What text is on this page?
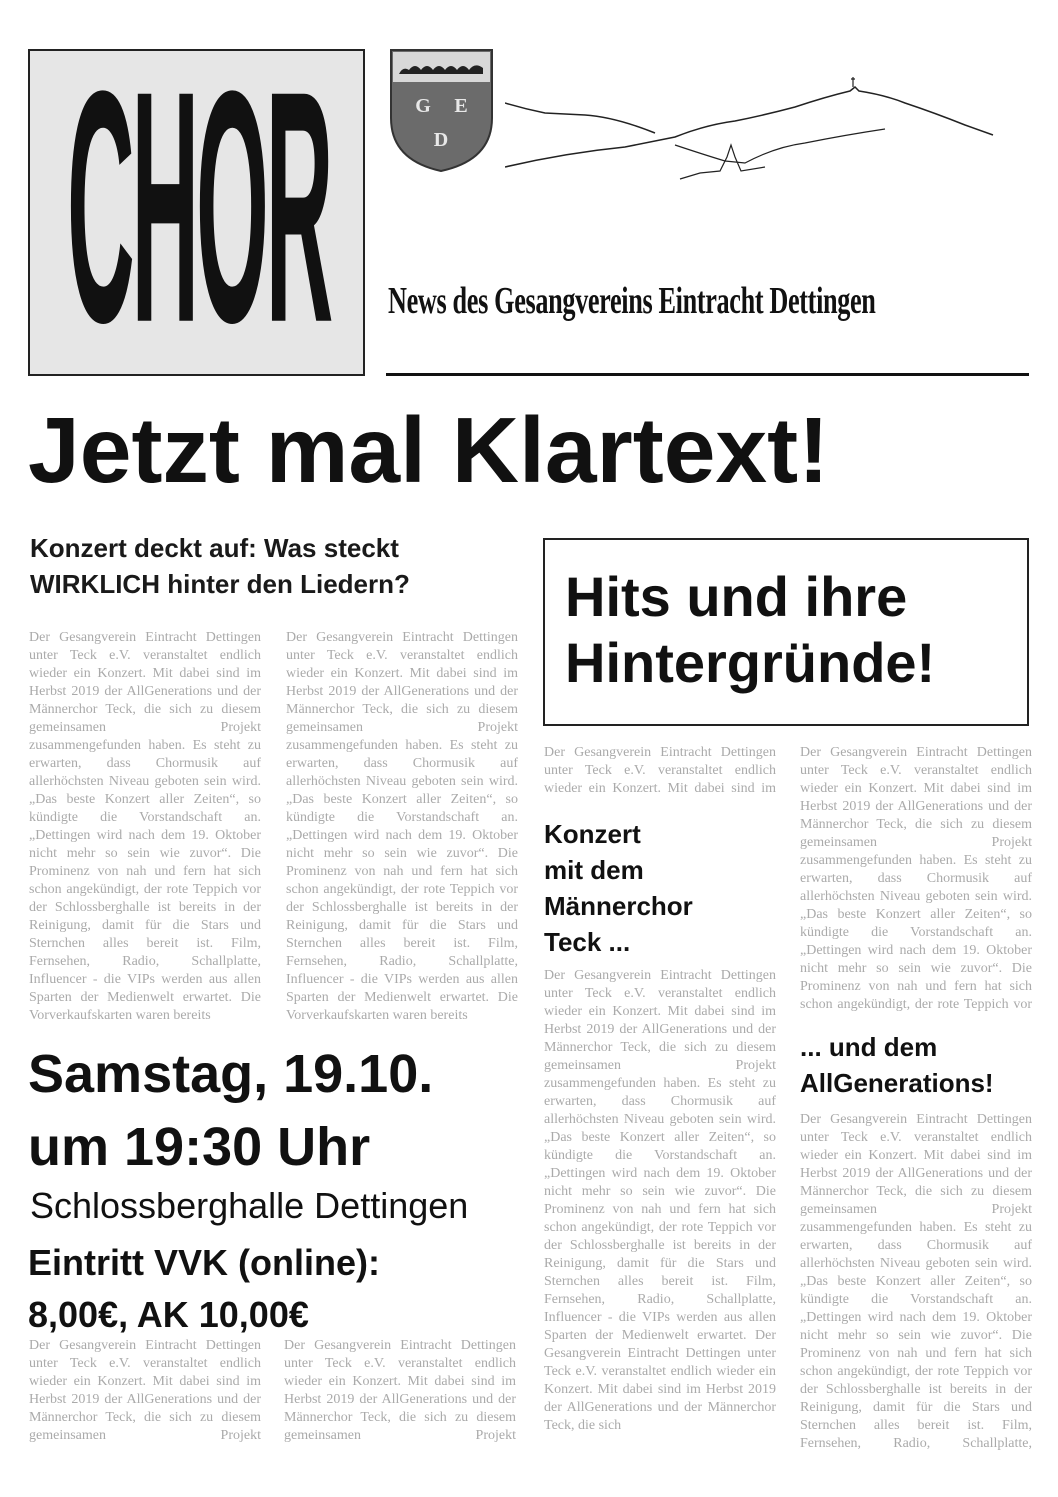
CHOR	G E
D
News des Gesangvereins Eintracht Dettingen
Jetzt mal Klartext!
Konzert deckt auf: Was steckt
WIRKLICH hinter den Liedern?
Der Gesangverein Eintracht Dettingen unter Teck e.V. veranstaltet endlich wieder ein Konzert. Mit dabei sind im Herbst 2019 der AllGenerations und der Männerchor Teck, die sich zu diesem gemeinsamen Projekt zusammengefunden haben. Es steht zu erwarten, dass Chormusik auf allerhöchsten Niveau geboten sein wird. „Das beste Konzert aller Zeiten“, so kündigte die Vorstandschaft an. „Dettingen wird nach dem 19. Oktober nicht mehr so sein wie zuvor“. Die Prominenz von nah und fern hat sich schon angekündigt, der rote Teppich vor der Schlossberghalle ist bereits in der Reinigung, damit für die Stars und Sternchen alles bereit ist. Film, Fernsehen, Radio, Schallplatte, Influencer - die VIPs werden aus allen Sparten der Medienwelt erwartet. Die Vorverkaufskarten waren bereits
Der Gesangverein Eintracht Dettingen unter Teck e.V. veranstaltet endlich wieder ein Konzert. Mit dabei sind im Herbst 2019 der AllGenerations und der Männerchor Teck, die sich zu diesem gemeinsamen Projekt zusammengefunden haben. Es steht zu erwarten, dass Chormusik auf allerhöchsten Niveau geboten sein wird. „Das beste Konzert aller Zeiten“, so kündigte die Vorstandschaft an. „Dettingen wird nach dem 19. Oktober nicht mehr so sein wie zuvor“. Die Prominenz von nah und fern hat sich schon angekündigt, der rote Teppich vor der Schlossberghalle ist bereits in der Reinigung, damit für die Stars und Sternchen alles bereit ist. Film, Fernsehen, Radio, Schallplatte, Influencer - die VIPs werden aus allen Sparten der Medienwelt erwartet. Die Vorverkaufskarten waren bereits
Hits und ihre
Hintergründe!
Der Gesangverein Eintracht Dettingen unter Teck e.V. veranstaltet endlich wieder ein Konzert. Mit dabei sind im
Konzert
mit dem
Männerchor
Teck ...
Der Gesangverein Eintracht Dettingen unter Teck e.V. veranstaltet endlich wieder ein Konzert. Mit dabei sind im Herbst 2019 der AllGenerations und der Männerchor Teck, die sich zu diesem gemeinsamen Projekt zusammengefunden haben. Es steht zu erwarten, dass Chormusik auf allerhöchsten Niveau geboten sein wird. „Das beste Konzert aller Zeiten“, so kündigte die Vorstandschaft an. „Dettingen wird nach dem 19. Oktober nicht mehr so sein wie zuvor“. Die Prominenz von nah und fern hat sich schon angekündigt, der rote Teppich vor der Schlossberghalle ist bereits in der Reinigung, damit für die Stars und Sternchen alles bereit ist. Film, Fernsehen, Radio, Schallplatte, Influencer - die VIPs werden aus allen Sparten der Medienwelt erwartet. Der Gesangverein Eintracht Dettingen unter Teck e.V. veranstaltet endlich wieder ein Konzert. Mit dabei sind im Herbst 2019 der AllGenerations und der Männerchor Teck, die sich
Der Gesangverein Eintracht Dettingen unter Teck e.V. veranstaltet endlich wieder ein Konzert. Mit dabei sind im Herbst 2019 der AllGenerations und der Männerchor Teck, die sich zu diesem gemeinsamen Projekt zusammengefunden haben. Es steht zu erwarten, dass Chormusik auf allerhöchsten Niveau geboten sein wird. „Das beste Konzert aller Zeiten“, so kündigte die Vorstandschaft an. „Dettingen wird nach dem 19. Oktober nicht mehr so sein wie zuvor“. Die Prominenz von nah und fern hat sich schon angekündigt, der rote Teppich vor
... und dem
AllGenerations!
Der Gesangverein Eintracht Dettingen unter Teck e.V. veranstaltet endlich wieder ein Konzert. Mit dabei sind im Herbst 2019 der AllGenerations und der Männerchor Teck, die sich zu diesem gemeinsamen Projekt zusammengefunden haben. Es steht zu erwarten, dass Chormusik auf allerhöchsten Niveau geboten sein wird. „Das beste Konzert aller Zeiten“, so kündigte die Vorstandschaft an. „Dettingen wird nach dem 19. Oktober nicht mehr so sein wie zuvor“. Die Prominenz von nah und fern hat sich schon angekündigt, der rote Teppich vor der Schlossberghalle ist bereits in der Reinigung, damit für die Stars und Sternchen alles bereit ist. Film, Fernsehen, Radio, Schallplatte,
Samstag, 19.10.
um 19:30 Uhr
Schlossberghalle Dettingen
Eintritt VVK (online):
8,00€, AK 10,00€
Der Gesangverein Eintracht Dettingen unter Teck e.V. veranstaltet endlich wieder ein Konzert. Mit dabei sind im Herbst 2019 der AllGenerations und der Männerchor Teck, die sich zu diesem gemeinsamen Projekt
Der Gesangverein Eintracht Dettingen unter Teck e.V. veranstaltet endlich wieder ein Konzert. Mit dabei sind im Herbst 2019 der AllGenerations und der Männerchor Teck, die sich zu diesem gemeinsamen Projekt
